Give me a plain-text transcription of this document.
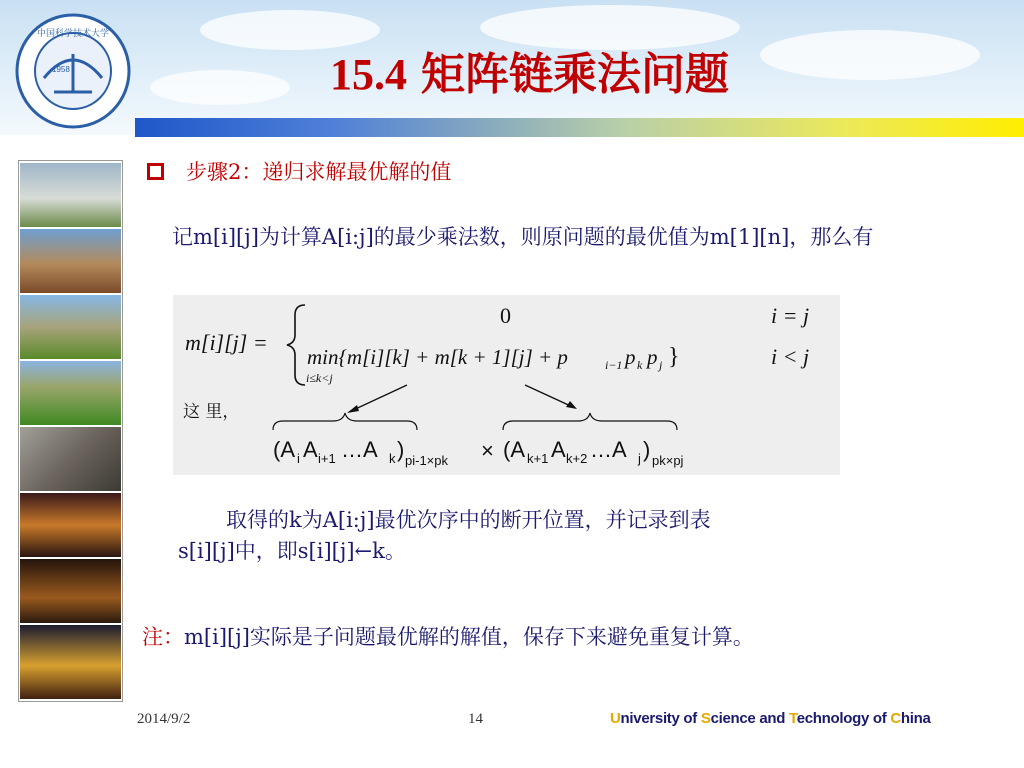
1958
中国科学技术大学
15.4 矩阵链乘法问题
步骤2：递归求解最优解的值
记m[i][j]为计算A[i:j]的最少乘法数，则原问题的最优值为m[1][n]，那么有
m[i][j] =
0	i = j
min{m[i][k] + m[k + 1][j] + p	i−1 p k p j }
i≤k<j
i < j
这 里，
(A i A i+1 …A k ) pi-1×pk × (A k+1 A k+2 …A j ) pk×pj
取得的k为A[i:j]最优次序中的断开位置，并记录到表
s[i][j]中，即s[i][j]←k。
注：m[i][j]实际是子问题最优解的解值，保存下来避免重复计算。
2014/9/2	14	University of Science and Technology of China
